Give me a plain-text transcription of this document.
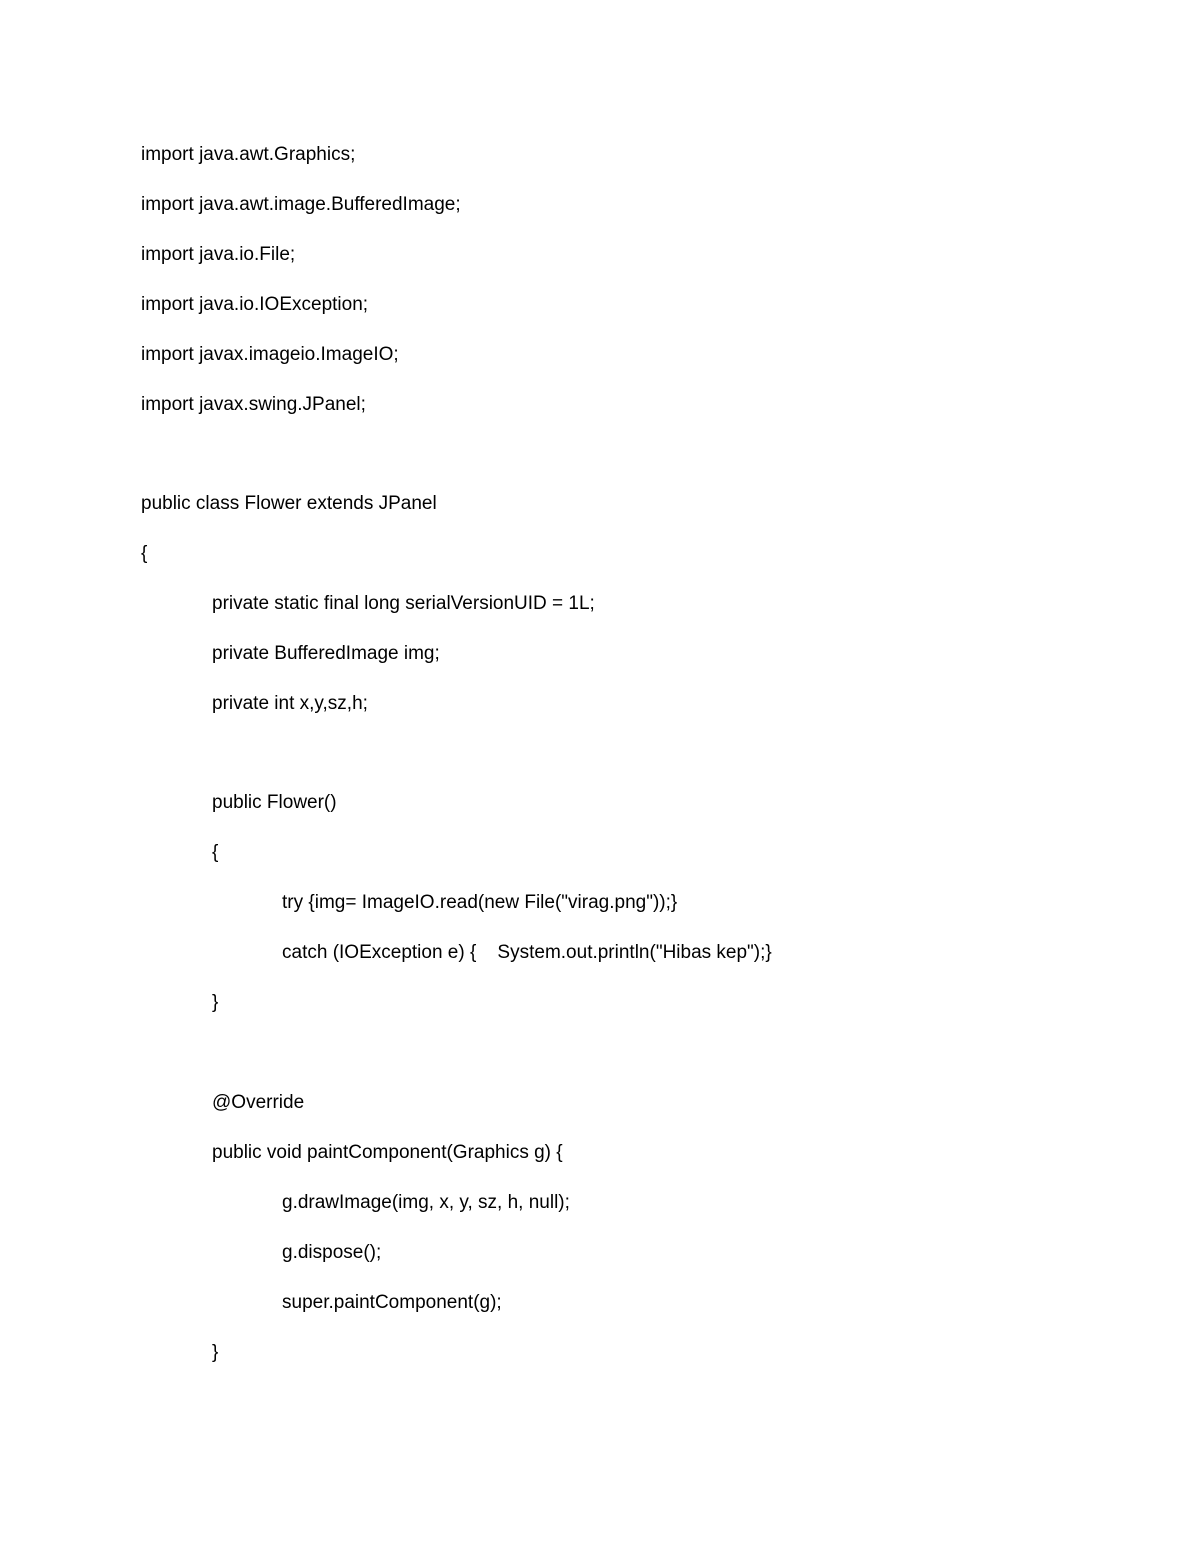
import java.awt.Graphics;
import java.awt.image.BufferedImage;
import java.io.File;
import java.io.IOException;
import javax.imageio.ImageIO;
import javax.swing.JPanel;
public class Flower extends JPanel
{
private static final long serialVersionUID = 1L;
private BufferedImage img;
private int x,y,sz,h;
public Flower()
{
try {img= ImageIO.read(new File("virag.png"));}
catch (IOException e) {    System.out.println("Hibas kep");}
}
@Override
public void paintComponent(Graphics g) {
g.drawImage(img, x, y, sz, h, null);
g.dispose();
super.paintComponent(g);
}
